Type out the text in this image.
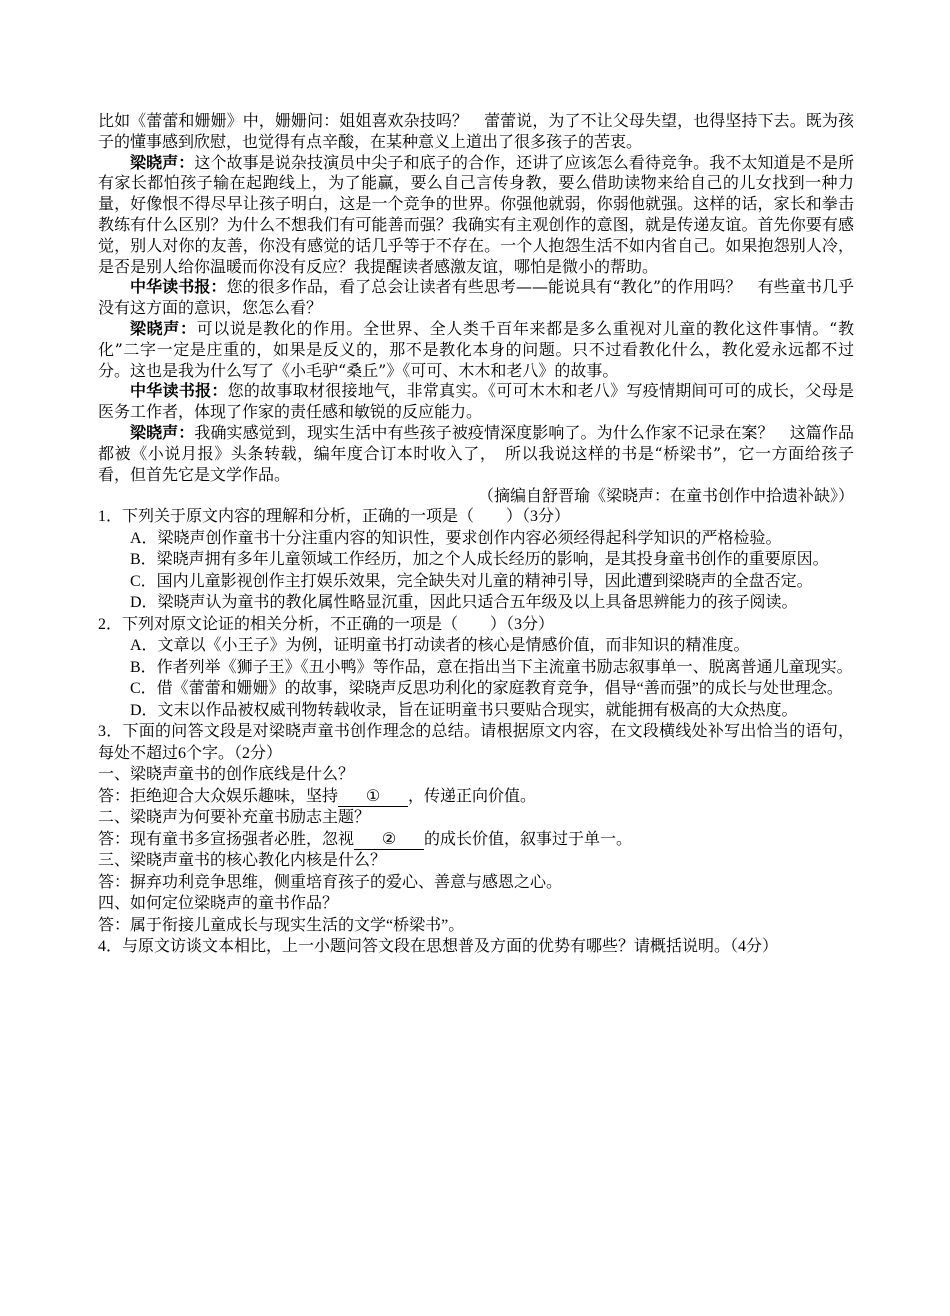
比如《蕾蕾和姗姗》中，姗姗问：姐姐喜欢杂技吗？　蕾蕾说，为了不让父母失望，也得坚持下去。既为孩子的懂事感到欣慰，也觉得有点辛酸，在某种意义上道出了很多孩子的苦衷。

梁晓声：这个故事是说杂技演员中尖子和底子的合作，还讲了应该怎么看待竞争。我不太知道是不是所有家长都怕孩子输在起跑线上，为了能赢，要么自己言传身教，要么借助读物来给自己的儿女找到一种力量，好像恨不得尽早让孩子明白，这是一个竞争的世界。你强他就弱，你弱他就强。这样的话，家长和拳击教练有什么区别？为什么不想我们有可能善而强？我确实有主观创作的意图，就是传递友谊。首先你要有感觉，别人对你的友善，你没有感觉的话几乎等于不存在。一个人抱怨生活不如内省自己。如果抱怨别人冷，是否是别人给你温暖而你没有反应？我提醒读者感激友谊，哪怕是微小的帮助。

中华读书报：您的很多作品，看了总会让读者有些思考——能说具有“教化”的作用吗？　有些童书几乎没有这方面的意识，您怎么看？

梁晓声：可以说是教化的作用。全世界、全人类千百年来都是多么重视对儿童的教化这件事情。“教化”二字一定是庄重的，如果是反义的，那不是教化本身的问题。只不过看教化什么，教化爱永远都不过分。这也是我为什么写了《小毛驴“桑丘”》《可可、木木和老八》的故事。

中华读书报：您的故事取材很接地气，非常真实。《可可木木和老八》写疫情期间可可的成长，父母是医务工作者，体现了作家的责任感和敏锐的反应能力。

梁晓声：我确实感觉到，现实生活中有些孩子被疫情深度影响了。为什么作家不记录在案？　这篇作品都被《小说月报》头条转载，编年度合订本时收入了，　所以我说这样的书是“桥梁书”，它一方面给孩子看，但首先它是文学作品。

（摘编自舒晋瑜《梁晓声：在童书创作中拾遗补缺》）

1．下列关于原文内容的理解和分析，正确的一项是（　　）（3分）

A．梁晓声创作童书十分注重内容的知识性，要求创作内容必须经得起科学知识的严格检验。

B．梁晓声拥有多年儿童领域工作经历，加之个人成长经历的影响，是其投身童书创作的重要原因。

C．国内儿童影视创作主打娱乐效果，完全缺失对儿童的精神引导，因此遭到梁晓声的全盘否定。

D．梁晓声认为童书的教化属性略显沉重，因此只适合五年级及以上具备思辨能力的孩子阅读。

2．下列对原文论证的相关分析，不正确的一项是（　　）（3分）

A．文章以《小王子》为例，证明童书打动读者的核心是情感价值，而非知识的精准度。

B．作者列举《狮子王》《丑小鸭》等作品，意在指出当下主流童书励志叙事单一、脱离普通儿童现实。

C．借《蕾蕾和姗姗》的故事，梁晓声反思功利化的家庭教育竞争，倡导“善而强”的成长与处世理念。

D．文末以作品被权威刊物转载收录，旨在证明童书只要贴合现实，就能拥有极高的大众热度。

3．下面的问答文段是对梁晓声童书创作理念的总结。请根据原文内容，在文段横线处补写出恰当的语句，每处不超过6个字。（2分）

一、梁晓声童书的创作底线是什么？

答：拒绝迎合大众娱乐趣味，坚持 ① ，传递正向价值。

二、梁晓声为何要补充童书励志主题？

答：现有童书多宣扬强者必胜，忽视 ② 的成长价值，叙事过于单一。

三、梁晓声童书的核心教化内核是什么？

答：摒弃功利竞争思维，侧重培育孩子的爱心、善意与感恩之心。

四、如何定位梁晓声的童书作品？

答：属于衔接儿童成长与现实生活的文学“桥梁书”。

4．与原文访谈文本相比，上一小题问答文段在思想普及方面的优势有哪些？请概括说明。（4分）
